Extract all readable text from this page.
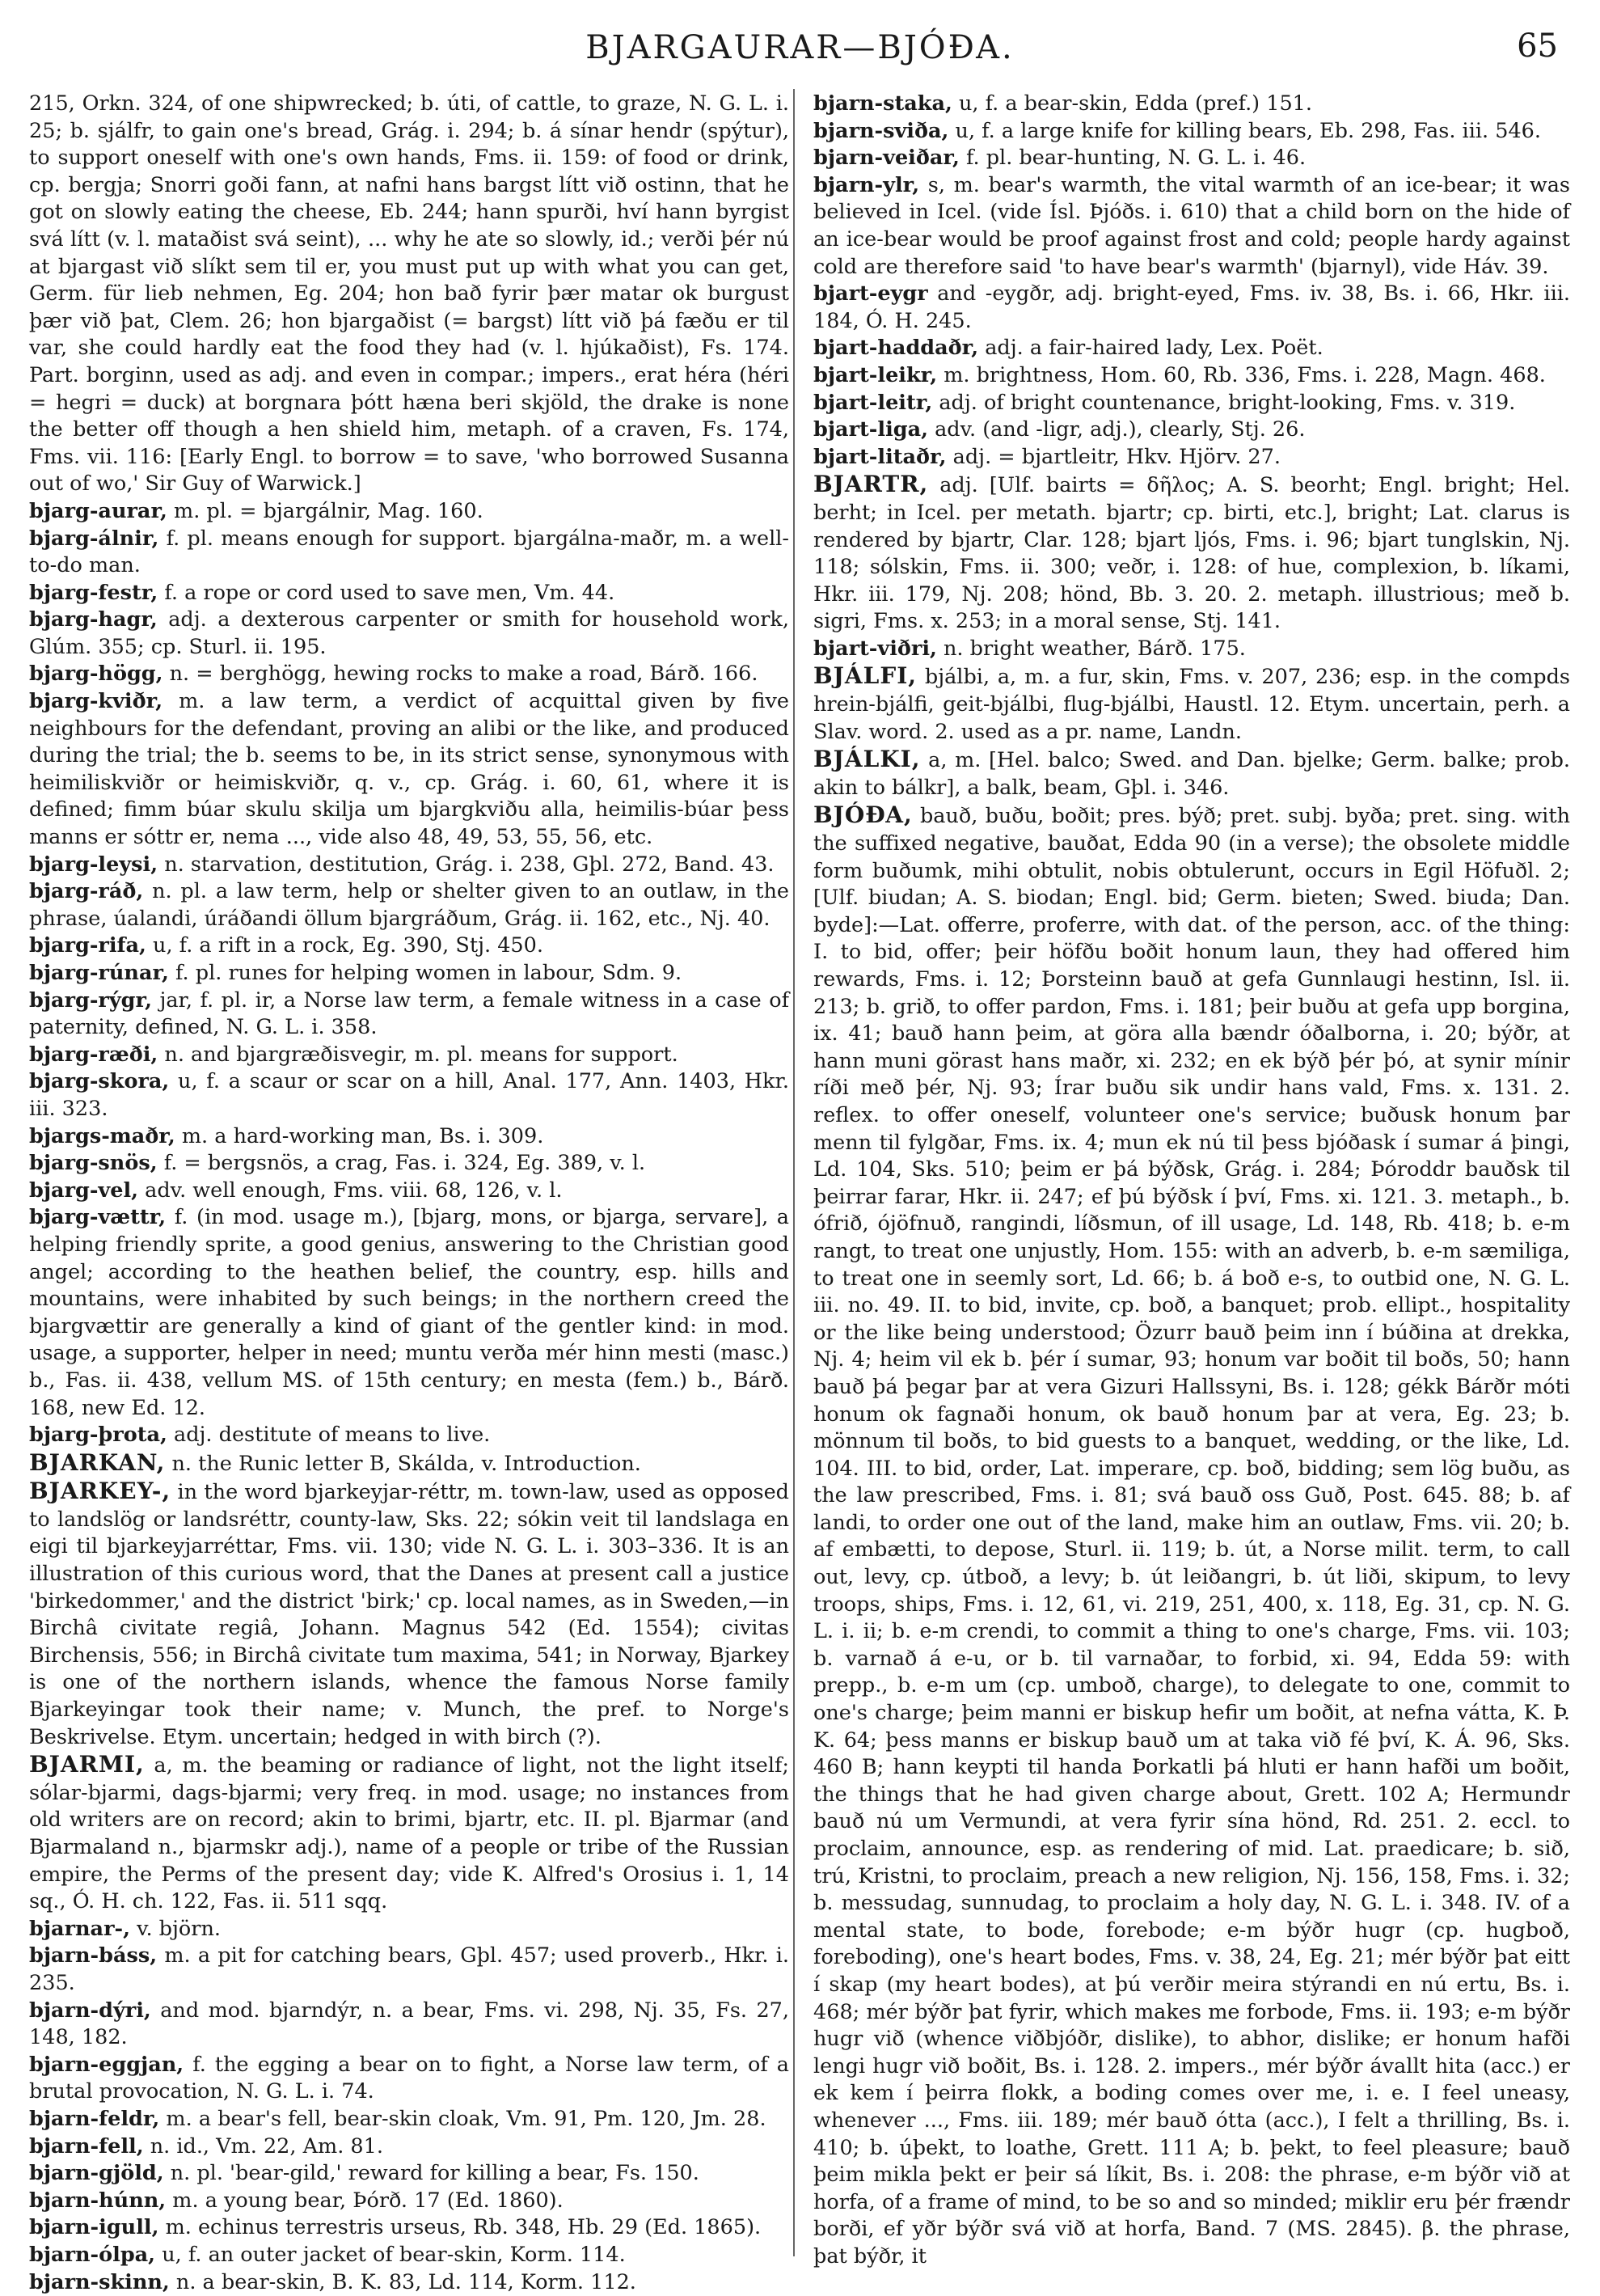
BJARGAURAR—BJÓÐA.	65

215, Orkn. 324, of one shipwrecked; b. úti, of cattle, to graze, N. G. L. i. 25; b. sjálfr, to gain one's bread, Grág. i. 294; b. á sínar hendr (spýtur), to support oneself with one's own hands, Fms. ii. 159: of food or drink, cp. bergja; Snorri goði fann, at nafni hans bargst lítt við ostinn, that he got on slowly eating the cheese, Eb. 244; hann spurði, hví hann byrgist svá lítt (v. l. mataðist svá seint), ... why he ate so slowly, id.; verði þér nú at bjargast við slíkt sem til er, you must put up with what you can get, Germ. für lieb nehmen, Eg. 204; hon bað fyrir þær matar ok burgust þær við þat, Clem. 26; hon bjargaðist (= bargst) lítt við þá fæðu er til var, she could hardly eat the food they had (v. l. hjúkaðist), Fs. 174. Part. borginn, used as adj. and even in compar.; impers., erat héra (héri = hegri = duck) at borgnara þótt hæna beri skjöld, the drake is none the better off though a hen shield him, metaph. of a craven, Fs. 174, Fms. vii. 116: [Early Engl. to borrow = to save, 'who borrowed Susanna out of wo,' Sir Guy of Warwick.]

bjarg-aurar, m. pl. = bjargálnir, Mag. 160.

bjarg-álnir, f. pl. means enough for support. bjargálna-maðr, m. a well-to-do man.

bjarg-festr, f. a rope or cord used to save men, Vm. 44.

bjarg-hagr, adj. a dexterous carpenter or smith for household work, Glúm. 355; cp. Sturl. ii. 195.

bjarg-högg, n. = berghögg, hewing rocks to make a road, Bárð. 166.

bjarg-kviðr, m. a law term, a verdict of acquittal given by five neighbours for the defendant, proving an alibi or the like, and produced during the trial; the b. seems to be, in its strict sense, synonymous with heimiliskviðr or heimiskviðr, q. v., cp. Grág. i. 60, 61, where it is defined; fimm búar skulu skilja um bjargkviðu alla, heimilis-búar þess manns er sóttr er, nema ..., vide also 48, 49, 53, 55, 56, etc.

bjarg-leysi, n. starvation, destitution, Grág. i. 238, Gþl. 272, Band. 43.

bjarg-ráð, n. pl. a law term, help or shelter given to an outlaw, in the phrase, úalandi, úráðandi öllum bjargráðum, Grág. ii. 162, etc., Nj. 40.

bjarg-rifa, u, f. a rift in a rock, Eg. 390, Stj. 450.

bjarg-rúnar, f. pl. runes for helping women in labour, Sdm. 9.

bjarg-rýgr, jar, f. pl. ir, a Norse law term, a female witness in a case of paternity, defined, N. G. L. i. 358.

bjarg-ræði, n. and bjargræðisvegir, m. pl. means for support.

bjarg-skora, u, f. a scaur or scar on a hill, Anal. 177, Ann. 1403, Hkr. iii. 323.

bjargs-maðr, m. a hard-working man, Bs. i. 309.

bjarg-snös, f. = bergsnös, a crag, Fas. i. 324, Eg. 389, v. l.

bjarg-vel, adv. well enough, Fms. viii. 68, 126, v. l.

bjarg-vættr, f. (in mod. usage m.), [bjarg, mons, or bjarga, servare], a helping friendly sprite, a good genius, answering to the Christian good angel; according to the heathen belief, the country, esp. hills and mountains, were inhabited by such beings; in the northern creed the bjargvættir are generally a kind of giant of the gentler kind: in mod. usage, a supporter, helper in need; muntu verða mér hinn mesti (masc.) b., Fas. ii. 438, vellum MS. of 15th century; en mesta (fem.) b., Bárð. 168, new Ed. 12.

bjarg-þrota, adj. destitute of means to live.

BJARKAN, n. the Runic letter B, Skálda, v. Introduction.

BJARKEY-, in the word bjarkeyjar-réttr, m. town-law, used as opposed to landslög or landsréttr, county-law, Sks. 22; sókin veit til landslaga en eigi til bjarkeyjarréttar, Fms. vii. 130; vide N. G. L. i. 303–336. It is an illustration of this curious word, that the Danes at present call a justice 'birkedommer,' and the district 'birk;' cp. local names, as in Sweden,—in Birchâ civitate regiâ, Johann. Magnus 542 (Ed. 1554); civitas Birchensis, 556; in Birchâ civitate tum maxima, 541; in Norway, Bjarkey is one of the northern islands, whence the famous Norse family Bjarkeyingar took their name; v. Munch, the pref. to Norge's Beskrivelse. Etym. uncertain; hedged in with birch (?).

BJARMI, a, m. the beaming or radiance of light, not the light itself; sólar-bjarmi, dags-bjarmi; very freq. in mod. usage; no instances from old writers are on record; akin to brimi, bjartr, etc. II. pl. Bjarmar (and Bjarmaland n., bjarmskr adj.), name of a people or tribe of the Russian empire, the Perms of the present day; vide K. Alfred's Orosius i. 1, 14 sq., Ó. H. ch. 122, Fas. ii. 511 sqq.

bjarnar-, v. björn.

bjarn-báss, m. a pit for catching bears, Gþl. 457; used proverb., Hkr. i. 235.

bjarn-dýri, and mod. bjarndýr, n. a bear, Fms. vi. 298, Nj. 35, Fs. 27, 148, 182.

bjarn-eggjan, f. the egging a bear on to fight, a Norse law term, of a brutal provocation, N. G. L. i. 74.

bjarn-feldr, m. a bear's fell, bear-skin cloak, Vm. 91, Pm. 120, Jm. 28.

bjarn-fell, n. id., Vm. 22, Am. 81.

bjarn-gjöld, n. pl. 'bear-gild,' reward for killing a bear, Fs. 150.

bjarn-húnn, m. a young bear, Þórð. 17 (Ed. 1860).

bjarn-igull, m. echinus terrestris urseus, Rb. 348, Hb. 29 (Ed. 1865).

bjarn-ólpa, u, f. an outer jacket of bear-skin, Korm. 114.

bjarn-skinn, n. a bear-skin, B. K. 83, Ld. 114, Korm. 112.

bjarn-staka, u, f. a bear-skin, Edda (pref.) 151.

bjarn-sviða, u, f. a large knife for killing bears, Eb. 298, Fas. iii. 546.

bjarn-veiðar, f. pl. bear-hunting, N. G. L. i. 46.

bjarn-ylr, s, m. bear's warmth, the vital warmth of an ice-bear; it was believed in Icel. (vide Ísl. Þjóðs. i. 610) that a child born on the hide of an ice-bear would be proof against frost and cold; people hardy against cold are therefore said 'to have bear's warmth' (bjarnyl), vide Háv. 39.

bjart-eygr and -eygðr, adj. bright-eyed, Fms. iv. 38, Bs. i. 66, Hkr. iii. 184, Ó. H. 245.

bjart-haddaðr, adj. a fair-haired lady, Lex. Poët.

bjart-leikr, m. brightness, Hom. 60, Rb. 336, Fms. i. 228, Magn. 468.

bjart-leitr, adj. of bright countenance, bright-looking, Fms. v. 319.

bjart-liga, adv. (and -ligr, adj.), clearly, Stj. 26.

bjart-litaðr, adj. = bjartleitr, Hkv. Hjörv. 27.

BJARTR, adj. [Ulf. bairts = δῆλος; A. S. beorht; Engl. bright; Hel. berht; in Icel. per metath. bjartr; cp. birti, etc.], bright; Lat. clarus is rendered by bjartr, Clar. 128; bjart ljós, Fms. i. 96; bjart tunglskin, Nj. 118; sólskin, Fms. ii. 300; veðr, i. 128: of hue, complexion, b. líkami, Hkr. iii. 179, Nj. 208; hönd, Bb. 3. 20. 2. metaph. illustrious; með b. sigri, Fms. x. 253; in a moral sense, Stj. 141.

bjart-viðri, n. bright weather, Bárð. 175.

BJÁLFI, bjálbi, a, m. a fur, skin, Fms. v. 207, 236; esp. in the compds hrein-bjálfi, geit-bjálbi, flug-bjálbi, Haustl. 12. Etym. uncertain, perh. a Slav. word. 2. used as a pr. name, Landn.

BJÁLKI, a, m. [Hel. balco; Swed. and Dan. bjelke; Germ. balke; prob. akin to bálkr], a balk, beam, Gþl. i. 346.

BJÓÐA, bauð, buðu, boðit; pres. býð; pret. subj. byða; pret. sing. with the suffixed negative, bauðat, Edda 90 (in a verse); the obsolete middle form buðumk, mihi obtulit, nobis obtulerunt, occurs in Egil Höfuðl. 2; [Ulf. biudan; A. S. biodan; Engl. bid; Germ. bieten; Swed. biuda; Dan. byde]:—Lat. offerre, proferre, with dat. of the person, acc. of the thing: I. to bid, offer; þeir höfðu boðit honum laun, they had offered him rewards, Fms. i. 12; Þorsteinn bauð at gefa Gunnlaugi hestinn, Isl. ii. 213; b. grið, to offer pardon, Fms. i. 181; þeir buðu at gefa upp borgina, ix. 41; bauð hann þeim, at göra alla bændr óðalborna, i. 20; býðr, at hann muni görast hans maðr, xi. 232; en ek býð þér þó, at synir mínir ríði með þér, Nj. 93; Írar buðu sik undir hans vald, Fms. x. 131. 2. reflex. to offer oneself, volunteer one's service; buðusk honum þar menn til fylgðar, Fms. ix. 4; mun ek nú til þess bjóðask í sumar á þingi, Ld. 104, Sks. 510; þeim er þá býðsk, Grág. i. 284; Þóroddr bauðsk til þeirrar farar, Hkr. ii. 247; ef þú býðsk í því, Fms. xi. 121. 3. metaph., b. ófrið, ójöfnuð, rangindi, líðsmun, of ill usage, Ld. 148, Rb. 418; b. e-m rangt, to treat one unjustly, Hom. 155: with an adverb, b. e-m sæmiliga, to treat one in seemly sort, Ld. 66; b. á boð e-s, to outbid one, N. G. L. iii. no. 49. II. to bid, invite, cp. boð, a banquet; prob. ellipt., hospitality or the like being understood; Özurr bauð þeim inn í búðina at drekka, Nj. 4; heim vil ek b. þér í sumar, 93; honum var boðit til boðs, 50; hann bauð þá þegar þar at vera Gizuri Hallssyni, Bs. i. 128; gékk Bárðr móti honum ok fagnaði honum, ok bauð honum þar at vera, Eg. 23; b. mönnum til boðs, to bid guests to a banquet, wedding, or the like, Ld. 104. III. to bid, order, Lat. imperare, cp. boð, bidding; sem lög buðu, as the law prescribed, Fms. i. 81; svá bauð oss Guð, Post. 645. 88; b. af landi, to order one out of the land, make him an outlaw, Fms. vii. 20; b. af embætti, to depose, Sturl. ii. 119; b. út, a Norse milit. term, to call out, levy, cp. útboð, a levy; b. út leiðangri, b. út liði, skipum, to levy troops, ships, Fms. i. 12, 61, vi. 219, 251, 400, x. 118, Eg. 31, cp. N. G. L. i. ii; b. e-m crendi, to commit a thing to one's charge, Fms. vii. 103; b. varnað á e-u, or b. til varnaðar, to forbid, xi. 94, Edda 59: with prepp., b. e-m um (cp. umboð, charge), to delegate to one, commit to one's charge; þeim manni er biskup hefir um boðit, at nefna vátta, K. Þ. K. 64; þess manns er biskup bauð um at taka við fé því, K. Á. 96, Sks. 460 B; hann keypti til handa Þorkatli þá hluti er hann hafði um boðit, the things that he had given charge about, Grett. 102 A; Hermundr bauð nú um Vermundi, at vera fyrir sína hönd, Rd. 251. 2. eccl. to proclaim, announce, esp. as rendering of mid. Lat. praedicare; b. sið, trú, Kristni, to proclaim, preach a new religion, Nj. 156, 158, Fms. i. 32; b. messudag, sunnudag, to proclaim a holy day, N. G. L. i. 348. IV. of a mental state, to bode, forebode; e-m býðr hugr (cp. hugboð, foreboding), one's heart bodes, Fms. v. 38, 24, Eg. 21; mér býðr þat eitt í skap (my heart bodes), at þú verðir meira stýrandi en nú ertu, Bs. i. 468; mér býðr þat fyrir, which makes me forbode, Fms. ii. 193; e-m býðr hugr við (whence viðbjóðr, dislike), to abhor, dislike; er honum hafði lengi hugr við boðit, Bs. i. 128. 2. impers., mér býðr ávallt hita (acc.) er ek kem í þeirra flokk, a boding comes over me, i. e. I feel uneasy, whenever ..., Fms. iii. 189; mér bauð ótta (acc.), I felt a thrilling, Bs. i. 410; b. úþekt, to loathe, Grett. 111 A; b. þekt, to feel pleasure; bauð þeim mikla þekt er þeir sá líkit, Bs. i. 208: the phrase, e-m býðr við at horfa, of a frame of mind, to be so and so minded; miklir eru þér frændr borði, ef yðr býðr svá við at horfa, Band. 7 (MS. 2845). β. the phrase, þat býðr, it
